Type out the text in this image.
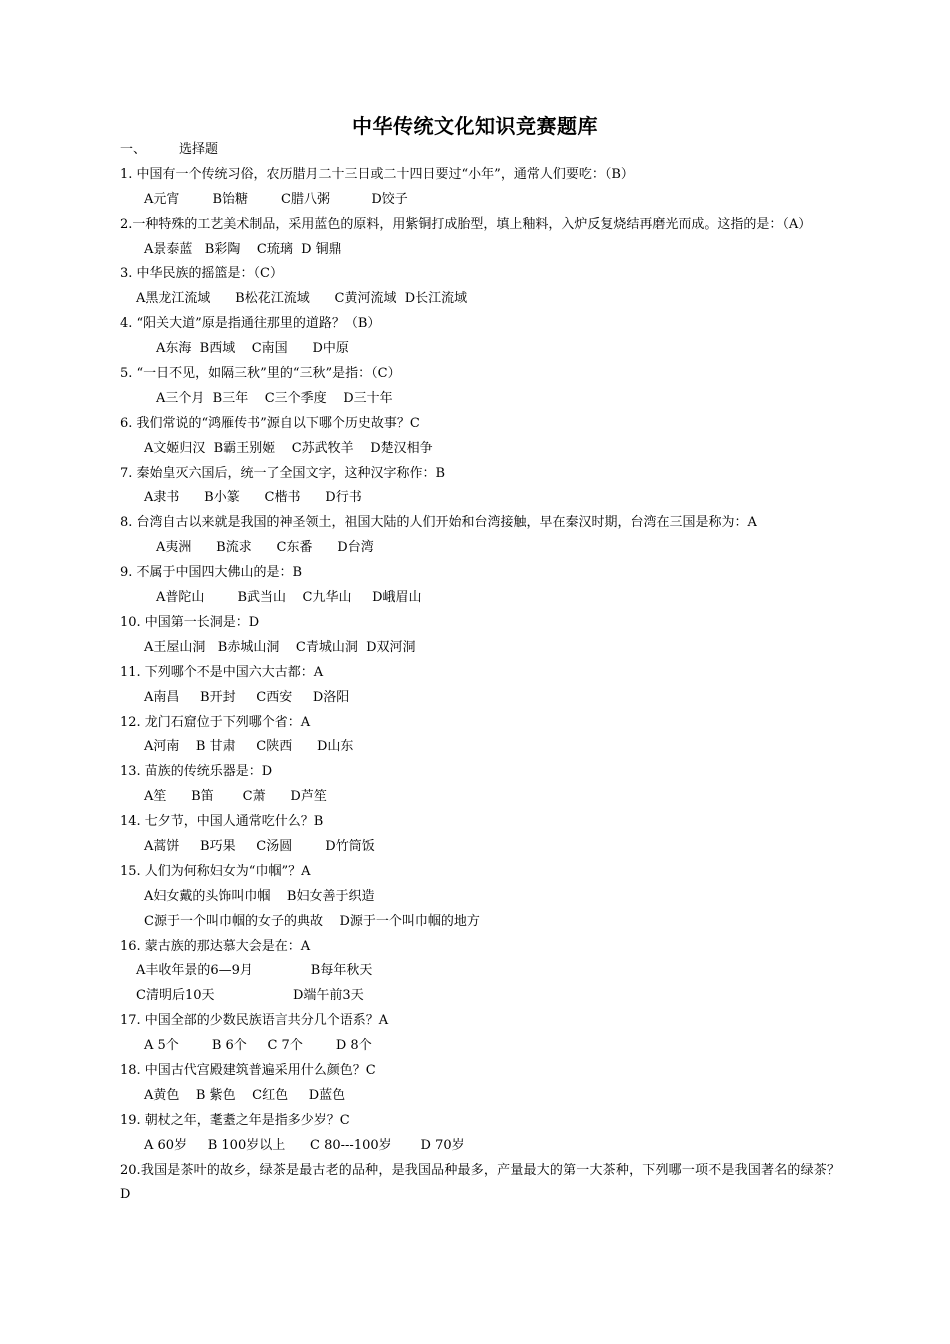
中华传统文化知识竞赛题库
一、        选择题
1. 中国有一个传统习俗，农历腊月二十三日或二十四日要过“小年”，通常人们要吃：（B）
A元宵        B饴糖        C腊八粥          D饺子
2.一种特殊的工艺美术制品，采用蓝色的原料，用紫铜打成胎型，填上釉料，入炉反复烧结再磨光而成。这指的是：（A）
A景泰蓝   B彩陶    C琉璃  D 铜鼎
3. 中华民族的摇篮是：（C）
A黑龙江流域      B松花江流域      C黄河流域  D长江流域
4. “阳关大道”原是指通往那里的道路？（B）
A东海  B西域    C南国      D中原
5. “一日不见，如隔三秋”里的“三秋”是指：（C）
A三个月  B三年    C三个季度    D三十年
6. 我们常说的“鸿雁传书”源自以下哪个历史故事？C
A文姬归汉  B霸王别姬    C苏武牧羊    D楚汉相争
7. 秦始皇灭六国后，统一了全国文字，这种汉字称作：B
A隶书      B小篆      C楷书      D行书
8. 台湾自古以来就是我国的神圣领土，祖国大陆的人们开始和台湾接触，早在秦汉时期，台湾在三国是称为：A
A夷洲      B流求      C东番      D台湾
9. 不属于中国四大佛山的是：B
A普陀山        B武当山    C九华山     D峨眉山
10. 中国第一长洞是：D
A王屋山洞   B赤城山洞    C青城山洞  D双河洞
11. 下列哪个不是中国六大古都：A
A南昌     B开封     C西安     D洛阳
12. 龙门石窟位于下列哪个省：A
A河南    B 甘肃     C陕西      D山东
13. 苗族的传统乐器是：D
A笙      B笛       C萧      D芦笙
14. 七夕节，中国人通常吃什么？B
A蒿饼     B巧果     C汤圆        D竹筒饭
15. 人们为何称妇女为“巾帼”？A
A妇女戴的头饰叫巾帼    B妇女善于织造
C源于一个叫巾帼的女子的典故    D源于一个叫巾帼的地方
16. 蒙古族的那达慕大会是在：A
A丰收年景的6—9月              B每年秋天
C清明后10天                   D端午前3天
17. 中国全部的少数民族语言共分几个语系？A
A 5个        B 6个     C 7个        D 8个
18. 中国古代宫殿建筑普遍采用什么颜色？C
A黄色    B 紫色    C红色     D蓝色
19. 朝杖之年，耄耋之年是指多少岁？C
A 60岁     B 100岁以上      C 80---100岁       D 70岁
20.我国是茶叶的故乡，绿茶是最古老的品种，是我国品种最多，产量最大的第一大茶种，下列哪一项不是我国著名的绿茶？D
